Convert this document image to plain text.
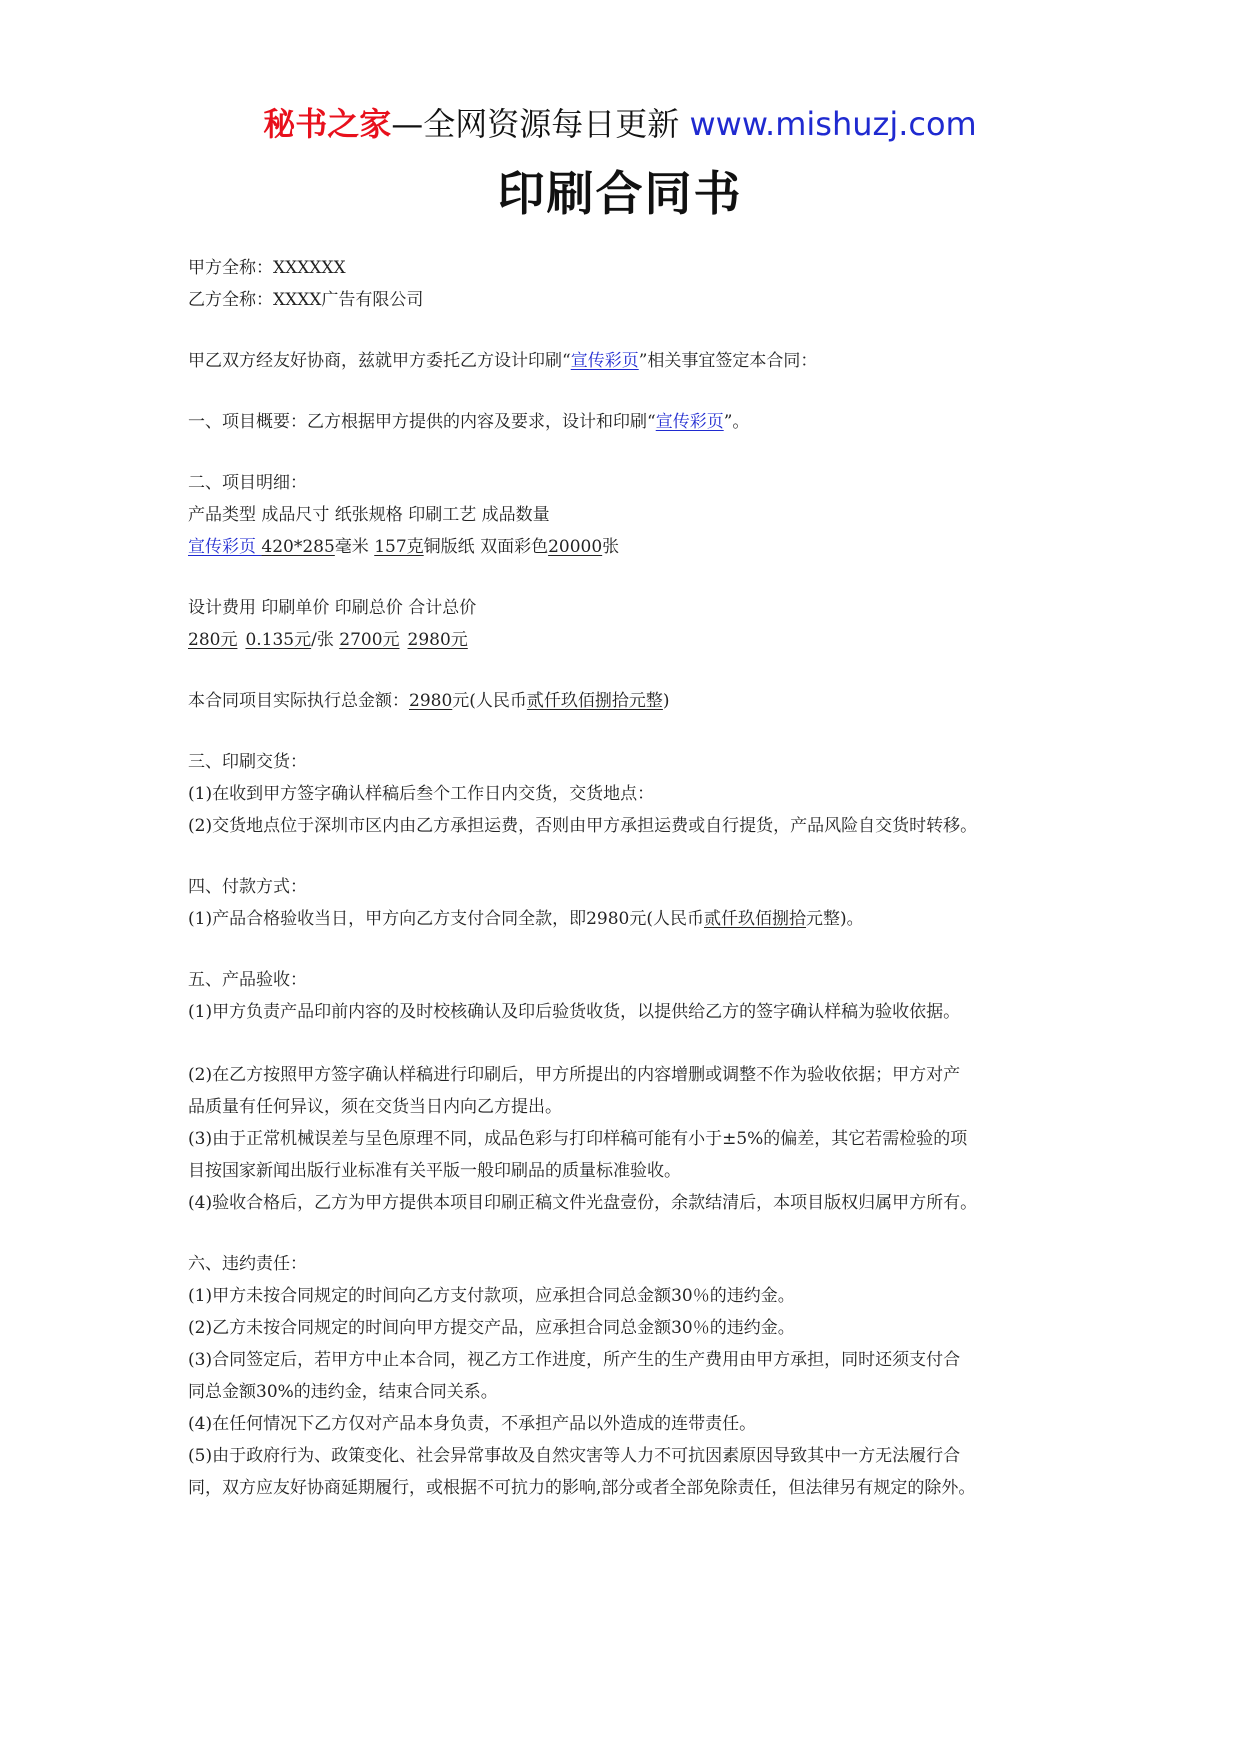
秘书之家—全网资源每日更新 www.mishuzj.com
印刷合同书
甲方全称：XXXXXX
乙方全称：XXXX广告有限公司
甲乙双方经友好协商，兹就甲方委托乙方设计印刷“宣传彩页”相关事宜签定本合同：
一、项目概要：乙方根据甲方提供的内容及要求，设计和印刷“宣传彩页”。
二、项目明细：
产品类型 成品尺寸 纸张规格 印刷工艺 成品数量
宣传彩页 420*285毫米 157克铜版纸 双面彩色20000张
设计费用 印刷单价 印刷总价 合计总价
280元 0.135元/张 2700元 2980元
本合同项目实际执行总金额：2980元(人民币贰仟玖佰捌拾元整)
三、印刷交货：
(1)在收到甲方签字确认样稿后叁个工作日内交货，交货地点：
(2)交货地点位于深圳市区内由乙方承担运费，否则由甲方承担运费或自行提货，产品风险自交货时转移。
四、付款方式：
(1)产品合格验收当日，甲方向乙方支付合同全款，即2980元(人民币贰仟玖佰捌拾元整)。
五、产品验收：
(1)甲方负责产品印前内容的及时校核确认及印后验货收货，以提供给乙方的签字确认样稿为验收依据。
(2)在乙方按照甲方签字确认样稿进行印刷后，甲方所提出的内容增删或调整不作为验收依据；甲方对产
品质量有任何异议，须在交货当日内向乙方提出。
(3)由于正常机械误差与呈色原理不同，成品色彩与打印样稿可能有小于±5%的偏差，其它若需检验的项
目按国家新闻出版行业标准有关平版一般印刷品的质量标准验收。
(4)验收合格后，乙方为甲方提供本项目印刷正稿文件光盘壹份，余款结清后，本项目版权归属甲方所有。
六、违约责任：
(1)甲方未按合同规定的时间向乙方支付款项，应承担合同总金额30％的违约金。
(2)乙方未按合同规定的时间向甲方提交产品，应承担合同总金额30％的违约金。
(3)合同签定后，若甲方中止本合同，视乙方工作进度，所产生的生产费用由甲方承担，同时还须支付合
同总金额30%的违约金，结束合同关系。
(4)在任何情况下乙方仅对产品本身负责，不承担产品以外造成的连带责任。
(5)由于政府行为、政策变化、社会异常事故及自然灾害等人力不可抗因素原因导致其中一方无法履行合
同，双方应友好协商延期履行，或根据不可抗力的影响,部分或者全部免除责任，但法律另有规定的除外。
